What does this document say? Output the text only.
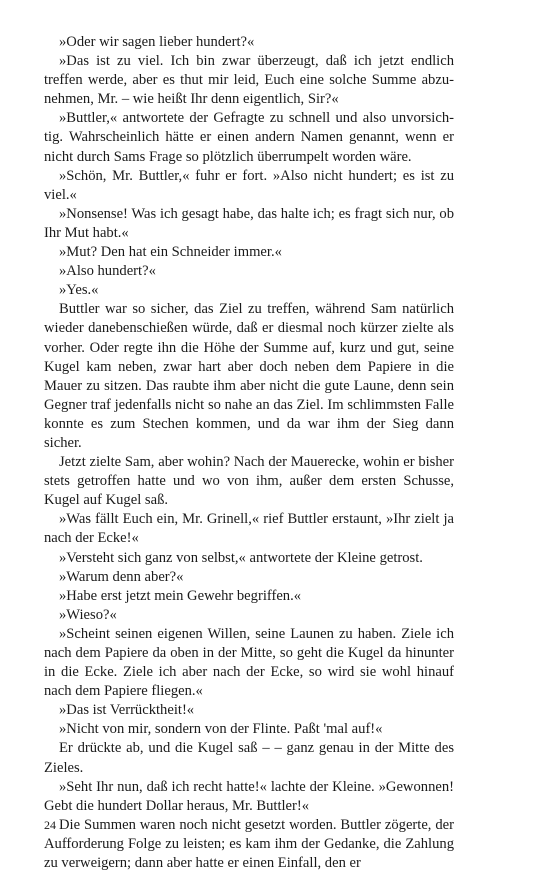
»Oder wir sagen lieber hundert?«

»Das ist zu viel. Ich bin zwar überzeugt, daß ich jetzt endlich treffen werde, aber es thut mir leid, Euch eine solche Summe abzunehmen, Mr. – wie heißt Ihr denn eigentlich, Sir?«

»Buttler,« antwortete der Gefragte zu schnell und also unvorsichtig. Wahrscheinlich hätte er einen andern Namen genannt, wenn er nicht durch Sams Frage so plötzlich überrumpelt worden wäre.

»Schön, Mr. Buttler,« fuhr er fort. »Also nicht hundert; es ist zu viel.«

»Nonsense! Was ich gesagt habe, das halte ich; es fragt sich nur, ob Ihr Mut habt.«

»Mut? Den hat ein Schneider immer.«

»Also hundert?«

»Yes.«

Buttler war so sicher, das Ziel zu treffen, während Sam natürlich wieder danebenschießen würde, daß er diesmal noch kürzer zielte als vorher. Oder regte ihn die Höhe der Summe auf, kurz und gut, seine Kugel kam neben, zwar hart aber doch neben dem Papiere in die Mauer zu sitzen. Das raubte ihm aber nicht die gute Laune, denn sein Gegner traf jedenfalls nicht so nahe an das Ziel. Im schlimmsten Falle konnte es zum Stechen kommen, und da war ihm der Sieg dann sicher.

Jetzt zielte Sam, aber wohin? Nach der Mauerecke, wohin er bisher stets getroffen hatte und wo von ihm, außer dem ersten Schusse, Kugel auf Kugel saß.

»Was fällt Euch ein, Mr. Grinell,« rief Buttler erstaunt, »Ihr zielt ja nach der Ecke!«

»Versteht sich ganz von selbst,« antwortete der Kleine getrost.

»Warum denn aber?«

»Habe erst jetzt mein Gewehr begriffen.«

»Wieso?«

»Scheint seinen eigenen Willen, seine Launen zu haben. Ziele ich nach dem Papiere da oben in der Mitte, so geht die Kugel da hinunter in die Ecke. Ziele ich aber nach der Ecke, so wird sie wohl hinauf nach dem Papiere fliegen.«

»Das ist Verrücktheit!«

»Nicht von mir, sondern von der Flinte. Paßt 'mal auf!«

Er drückte ab, und die Kugel saß – – ganz genau in der Mitte des Zieles.

»Seht Ihr nun, daß ich recht hatte!« lachte der Kleine. »Gewonnen! Gebt die hundert Dollar heraus, Mr. Buttler!«

Die Summen waren noch nicht gesetzt worden. Buttler zögerte, der Aufforderung Folge zu leisten; es kam ihm der Gedanke, die Zahlung zu verweigern; dann aber hatte er einen Einfall, den er

24
